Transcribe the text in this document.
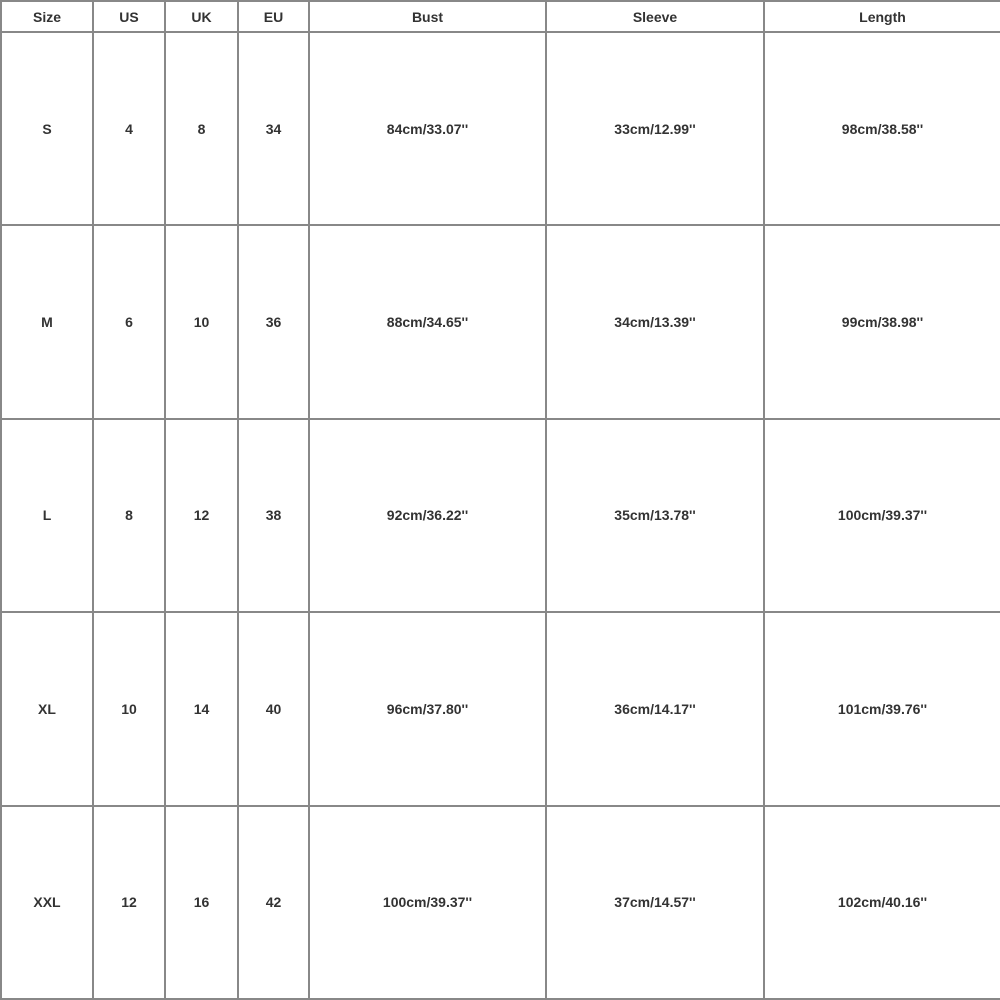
Size	US	UK	EU	Bust	Sleeve	Length
S	4	8	34	84cm/33.07''	33cm/12.99''	98cm/38.58''
M	6	10	36	88cm/34.65''	34cm/13.39''	99cm/38.98''
L	8	12	38	92cm/36.22''	35cm/13.78''	100cm/39.37''
XL	10	14	40	96cm/37.80''	36cm/14.17''	101cm/39.76''
XXL	12	16	42	100cm/39.37''	37cm/14.57''	102cm/40.16''
